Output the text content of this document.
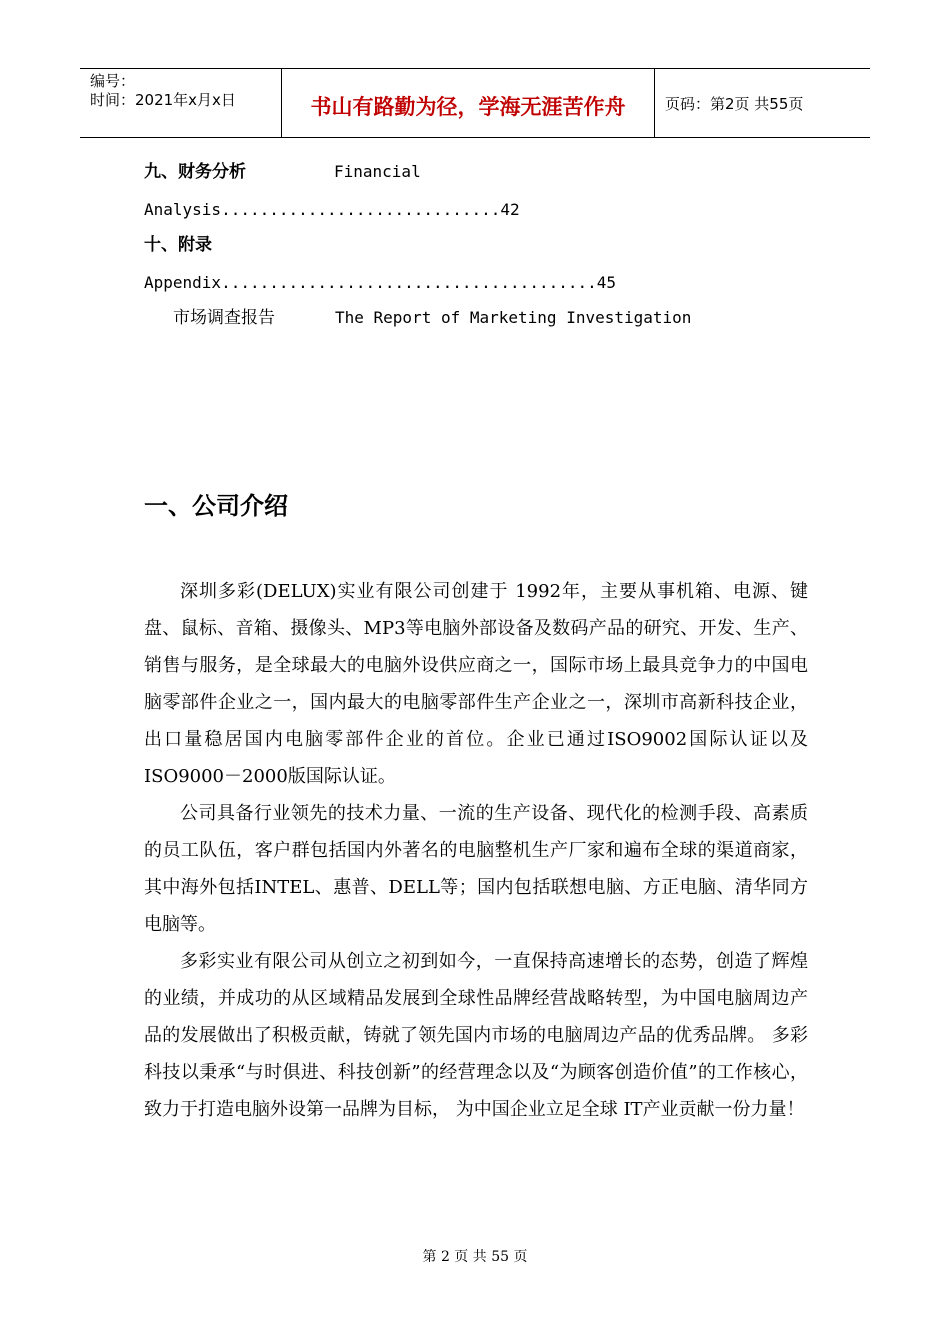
编号：
时间：2021年x月x日	书山有路勤为径，学海无涯苦作舟	页码：第2页 共55页
九、财务分析	Financial
Analysis.............................42
十、附录
Appendix.......................................45
市场调查报告	The Report of Marketing Investigation
一、公司介绍

深圳多彩(DELUX)实业有限公司创建于 1992年，主要从事机箱、电源、键盘、鼠标、音箱、摄像头、MP3等电脑外部设备及数码产品的研究、开发、生产、销售与服务，是全球最大的电脑外设供应商之一，国际市场上最具竞争力的中国电脑零部件企业之一，国内最大的电脑零部件生产企业之一，深圳市高新科技企业，出口量稳居国内电脑零部件企业的首位。企业已通过ISO9002国际认证以及ISO9000－2000版国际认证。

公司具备行业领先的技术力量、一流的生产设备、现代化的检测手段、高素质的员工队伍，客户群包括国内外著名的电脑整机生产厂家和遍布全球的渠道商家， 其中海外包括INTEL、惠普、DELL等；国内包括联想电脑、方正电脑、清华同方电脑等。

多彩实业有限公司从创立之初到如今，一直保持高速增长的态势，创造了辉煌的业绩，并成功的从区域精品发展到全球性品牌经营战略转型，为中国电脑周边产品的发展做出了积极贡献，铸就了领先国内市场的电脑周边产品的优秀品牌。 多彩科技以秉承“与时俱进、科技创新”的经营理念以及“为顾客创造价值”的工作核心， 致力于打造电脑外设第一品牌为目标， 为中国企业立足全球 IT产业贡献一份力量！

第 2 页 共 55 页
